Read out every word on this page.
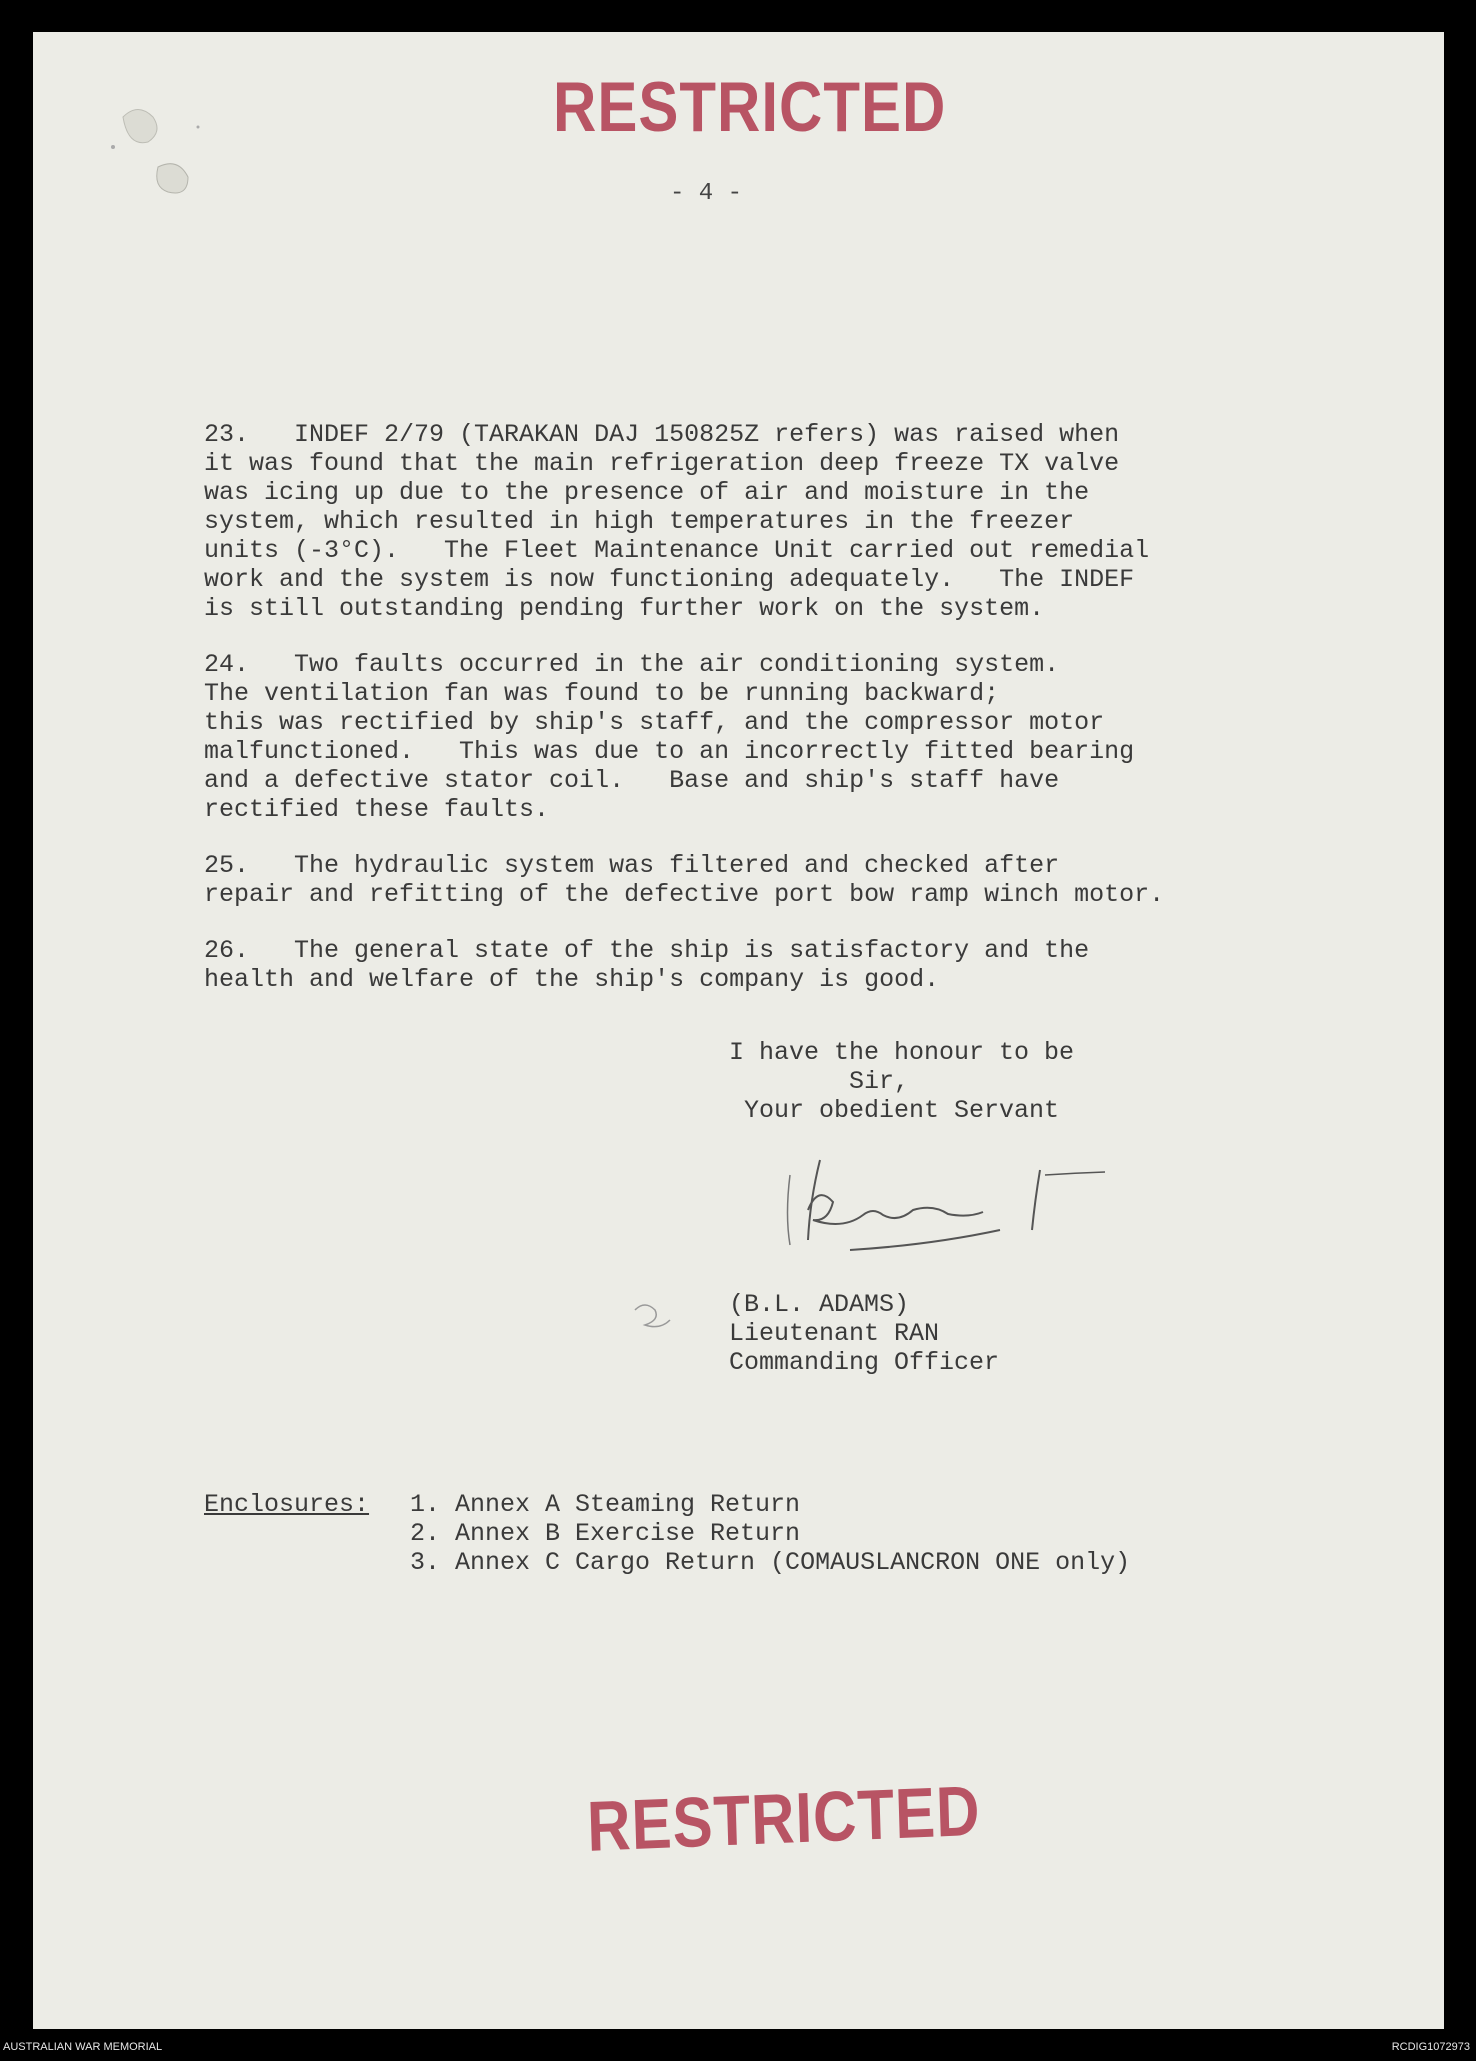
RESTRICTED
- 4 -
23.   INDEF 2/79 (TARAKAN DAJ 150825Z refers) was raised when
it was found that the main refrigeration deep freeze TX valve
was icing up due to the presence of air and moisture in the
system, which resulted in high temperatures in the freezer
units (-3°C).   The Fleet Maintenance Unit carried out remedial
work and the system is now functioning adequately.   The INDEF
is still outstanding pending further work on the system.
24.   Two faults occurred in the air conditioning system.
The ventilation fan was found to be running backward;
this was rectified by ship's staff, and the compressor motor
malfunctioned.   This was due to an incorrectly fitted bearing
and a defective stator coil.   Base and ship's staff have
rectified these faults.
25.   The hydraulic system was filtered and checked after
repair and refitting of the defective port bow ramp winch motor.
26.   The general state of the ship is satisfactory and the
health and welfare of the ship's company is good.
I have the honour to be
Sir,
Your obedient Servant
(B.L. ADAMS)
Lieutenant RAN
Commanding Officer
Enclosures: 1. Annex A Steaming Return
2. Annex B Exercise Return
3. Annex C Cargo Return (COMAUSLANCRON ONE only)
RESTRICTED
AUSTRALIAN WAR MEMORIAL	RCDIG1072973
